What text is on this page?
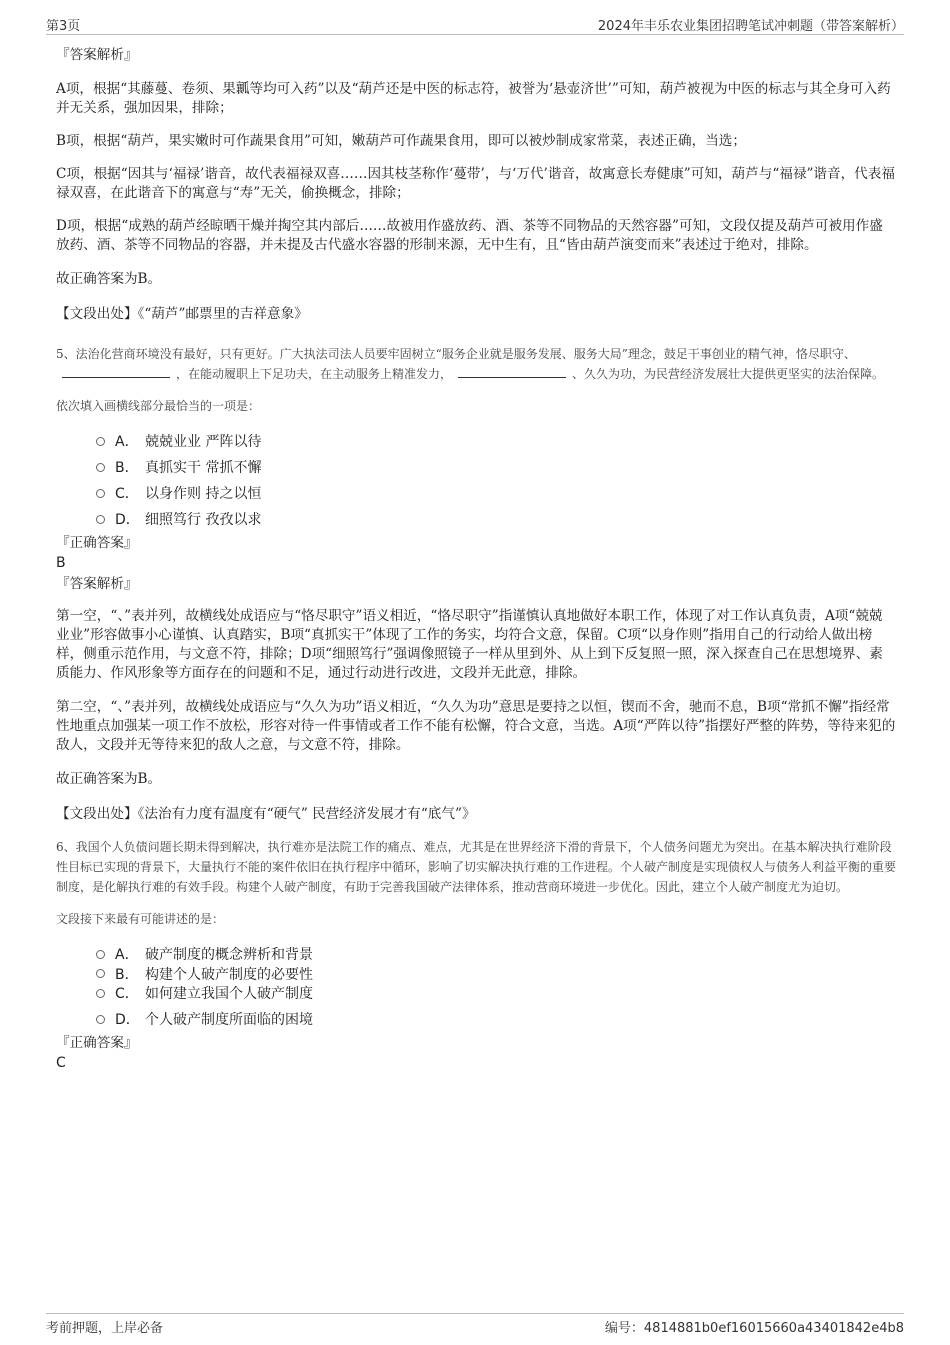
第3页	2024年丰乐农业集团招聘笔试冲刺题（带答案解析）

『答案解析』

A项，根据“其藤蔓、卷须、果瓤等均可入药”以及“葫芦还是中医的标志符，被誉为‘悬壶济世’”可知，葫芦被视为中医的标志与其全身可入药并无关系，强加因果，排除；

B项，根据“葫芦，果实嫩时可作蔬果食用”可知，嫩葫芦可作蔬果食用，即可以被炒制成家常菜，表述正确，当选；

C项，根据“因其与‘福禄’谐音，故代表福禄双喜……因其枝茎称作‘蔓带’，与‘万代’谐音，故寓意长寿健康”可知，葫芦与“福禄”谐音，代表福禄双喜，在此谐音下的寓意与“寿”无关，偷换概念，排除；

D项，根据“成熟的葫芦经晾晒干燥并掏空其内部后……故被用作盛放药、酒、茶等不同物品的天然容器”可知，文段仅提及葫芦可被用作盛放药、酒、茶等不同物品的容器，并未提及古代盛水容器的形制来源，无中生有，且“皆由葫芦演变而来”表述过于绝对，排除。

故正确答案为B。

【文段出处】《“葫芦”邮票里的吉祥意象》

5、法治化营商环境没有最好，只有更好。广大执法司法人员要牢固树立“服务企业就是服务发展、服务大局”理念，鼓足干事创业的精气神，恪尽职守、，在能动履职上下足功夫，在主动服务上精准发力，	、久久为功，为民营经济发展壮大提供更坚实的法治保障。

依次填入画横线部分最恰当的一项是：

A． 兢兢业业 严阵以待
B． 真抓实干 常抓不懈
C． 以身作则 持之以恒
D． 细照笃行 孜孜以求

『正确答案』

B

『答案解析』

第一空，“、”表并列，故横线处成语应与“恪尽职守”语义相近，“恪尽职守”指谨慎认真地做好本职工作，体现了对工作认真负责，A项“兢兢业业”形容做事小心谨慎、认真踏实，B项“真抓实干”体现了工作的务实，均符合文意，保留。C项“以身作则”指用自己的行动给人做出榜样，侧重示范作用，与文意不符，排除；D项“细照笃行”强调像照镜子一样从里到外、从上到下反复照一照，深入探查自己在思想境界、素质能力、作风形象等方面存在的问题和不足，通过行动进行改进，文段并无此意，排除。

第二空，“、”表并列，故横线处成语应与“久久为功”语义相近，“久久为功”意思是要持之以恒，锲而不舍，驰而不息，B项“常抓不懈”指经常性地重点加强某一项工作不放松，形容对待一件事情或者工作不能有松懈，符合文意，当选。A项“严阵以待”指摆好严整的阵势，等待来犯的敌人，文段并无等待来犯的敌人之意，与文意不符，排除。

故正确答案为B。

【文段出处】《法治有力度有温度有“硬气” 民营经济发展才有“底气”》

6、我国个人负债问题长期未得到解决，执行难亦是法院工作的痛点、难点，尤其是在世界经济下滑的背景下，个人债务问题尤为突出。在基本解决执行难阶段性目标已实现的背景下，大量执行不能的案件依旧在执行程序中循环，影响了切实解决执行难的工作进程。个人破产制度是实现债权人与债务人利益平衡的重要制度，是化解执行难的有效手段。构建个人破产制度，有助于完善我国破产法律体系，推动营商环境进一步优化。因此，建立个人破产制度尤为迫切。

文段接下来最有可能讲述的是：

A． 破产制度的概念辨析和背景
B． 构建个人破产制度的必要性
C． 如何建立我国个人破产制度
D． 个人破产制度所面临的困境

『正确答案』

C

考前押题，上岸必备	编号：4814881b0ef16015660a43401842e4b8
